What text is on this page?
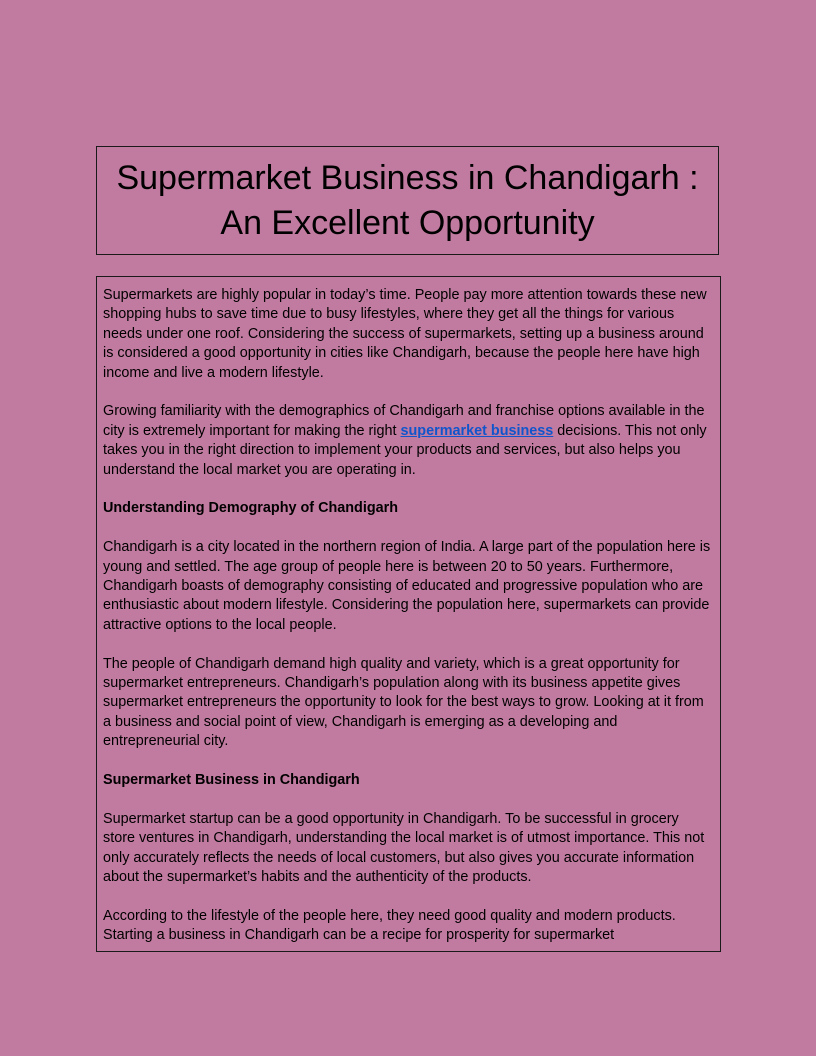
Supermarket Business in Chandigarh :
An Excellent Opportunity

Supermarkets are highly popular in today’s time. People pay more attention towards these new shopping hubs to save time due to busy lifestyles, where they get all the things for various needs under one roof. Considering the success of supermarkets, setting up a business around is considered a good opportunity in cities like Chandigarh, because the people here have high income and live a modern lifestyle.

Growing familiarity with the demographics of Chandigarh and franchise options available in the city is extremely important for making the right supermarket business decisions. This not only takes you in the right direction to implement your products and services, but also helps you understand the local market you are operating in.

Understanding Demography of Chandigarh

Chandigarh is a city located in the northern region of India. A large part of the population here is young and settled. The age group of people here is between 20 to 50 years. Furthermore, Chandigarh boasts of demography consisting of educated and progressive population who are enthusiastic about modern lifestyle. Considering the population here, supermarkets can provide attractive options to the local people.

The people of Chandigarh demand high quality and variety, which is a great opportunity for supermarket entrepreneurs. Chandigarh’s population along with its business appetite gives supermarket entrepreneurs the opportunity to look for the best ways to grow. Looking at it from a business and social point of view, Chandigarh is emerging as a developing and entrepreneurial city.

Supermarket Business in Chandigarh

Supermarket startup can be a good opportunity in Chandigarh. To be successful in grocery store ventures in Chandigarh, understanding the local market is of utmost importance. This not only accurately reflects the needs of local customers, but also gives you accurate information about the supermarket’s habits and the authenticity of the products.

According to the lifestyle of the people here, they need good quality and modern products. Starting a business in Chandigarh can be a recipe for prosperity for supermarket
